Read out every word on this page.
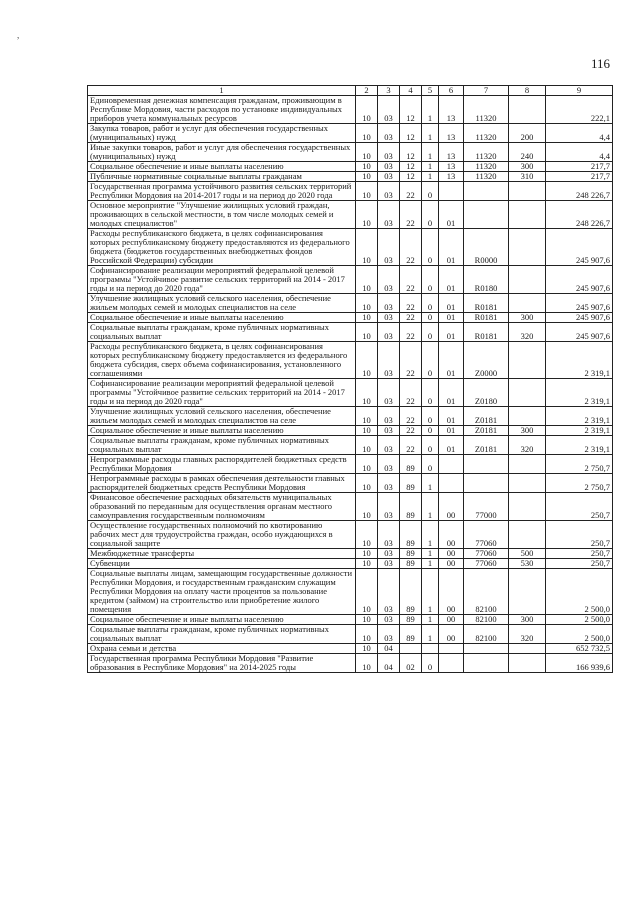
116
,
1	2	3	4	5	6	7	8	9
Единовременная денежная компенсация гражданам, проживающим в Республике Мордовия, части расходов по установке индивидуальных приборов учета коммунальных ресурсов	10	03	12	1	13	11320		222,1
Закупка товаров, работ и услуг для обеспечения государственных (муниципальных) нужд	10	03	12	1	13	11320	200	4,4
Иные закупки товаров, работ и услуг для обеспечения государственных (муниципальных) нужд	10	03	12	1	13	11320	240	4,4
Социальное обеспечение и иные выплаты населению	10	03	12	1	13	11320	300	217,7
Публичные нормативные социальные выплаты гражданам	10	03	12	1	13	11320	310	217,7
Государственная программа устойчивого развития сельских территорий Республики Мордовия на 2014-2017 годы и на период до 2020 года	10	03	22	0				248 226,7
Основное мероприятие "Улучшение жилищных условий граждан, проживающих в сельской местности, в том числе молодых семей и молодых специалистов"	10	03	22	0	01			248 226,7
Расходы республиканского бюджета, в целях софинансирования которых республиканскому бюджету предоставляются из федерального бюджета (бюджетов государственных внебюджетных фондов Российской Федерации) субсидии	10	03	22	0	01	R0000		245 907,6
Софинансирование реализации мероприятий федеральной целевой программы "Устойчивое развитие сельских территорий на 2014 - 2017 годы и на период до 2020 года"	10	03	22	0	01	R0180		245 907,6
Улучшение жилищных условий сельского населения, обеспечение жильем молодых семей и молодых специалистов на селе	10	03	22	0	01	R0181		245 907,6
Социальное обеспечение и иные выплаты населению	10	03	22	0	01	R0181	300	245 907,6
Социальные выплаты гражданам, кроме публичных нормативных социальных выплат	10	03	22	0	01	R0181	320	245 907,6
Расходы республиканского бюджета, в целях софинансирования которых республиканскому бюджету предоставляется из федерального бюджета субсидия, сверх объема софинансирования, установленного соглашениями	10	03	22	0	01	Z0000		2 319,1
Софинансирование реализации мероприятий федеральной целевой программы "Устойчивое развитие сельских территорий на 2014 - 2017 годы и на период до 2020 года"	10	03	22	0	01	Z0180		2 319,1
Улучшение жилищных условий сельского населения, обеспечение жильем молодых семей и молодых специалистов на селе	10	03	22	0	01	Z0181		2 319,1
Социальное обеспечение и иные выплаты населению	10	03	22	0	01	Z0181	300	2 319,1
Социальные выплаты гражданам, кроме публичных нормативных социальных выплат	10	03	22	0	01	Z0181	320	2 319,1
Непрограммные расходы главных распорядителей бюджетных средств Республики Мордовия	10	03	89	0				2 750,7
Непрограммные расходы в рамках обеспечения деятельности главных распорядителей бюджетных средств Республики Мордовия	10	03	89	1				2 750,7
Финансовое обеспечение расходных обязательств муниципальных образований по переданным для осуществления органам местного самоуправления государственным полномочиям	10	03	89	1	00	77000		250,7
Осуществление государственных полномочий по квотированию рабочих мест для трудоустройства граждан, особо нуждающихся в социальной защите	10	03	89	1	00	77060		250,7
Межбюджетные трансферты	10	03	89	1	00	77060	500	250,7
Субвенции	10	03	89	1	00	77060	530	250,7
Социальные выплаты лицам, замещающим государственные должности Республики Мордовия, и государственным гражданским служащим Республики Мордовия на оплату части процентов за пользование кредитом (займом) на строительство или приобретение жилого помещения	10	03	89	1	00	82100		2 500,0
Социальное обеспечение и иные выплаты населению	10	03	89	1	00	82100	300	2 500,0
Социальные выплаты гражданам, кроме публичных нормативных социальных выплат	10	03	89	1	00	82100	320	2 500,0
Охрана семьи и детства	10	04						652 732,5
Государственная программа Республики Мордовия "Развитие образования в Республике Мордовия" на 2014-2025 годы	10	04	02	0				166 939,6
